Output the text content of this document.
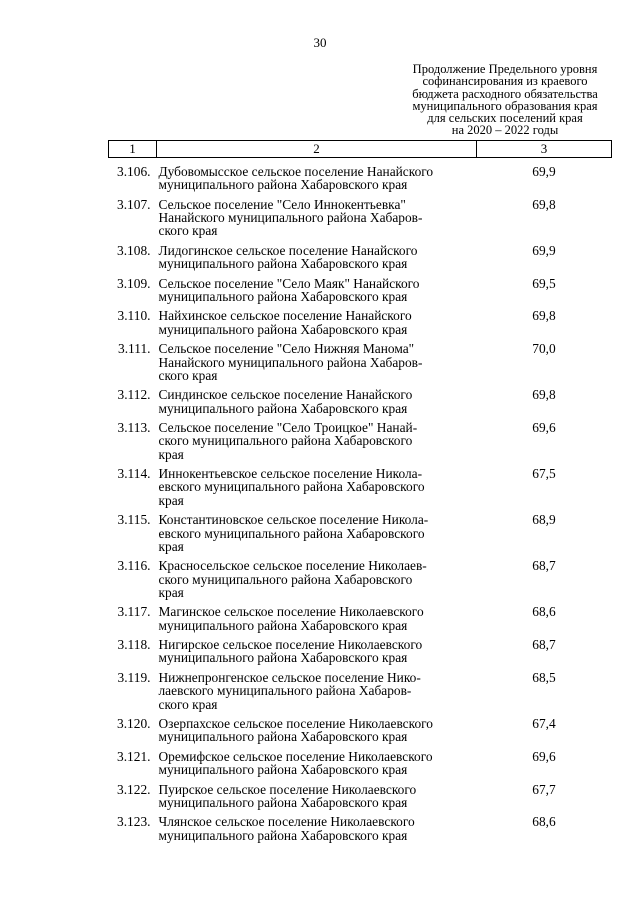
30
Продолжение Предельного уровня
софинансирования из краевого
бюджета расходного обязательства
муниципального образования края
для сельских поселений края
на 2020 – 2022 годы
1	2	3
3.106.	Дубовомысское сельское поселение Нанайского
муниципального района Хабаровского края	69,9
3.107.	Сельское поселение "Село Иннокентьевка"
Нанайского муниципального района Хабаров-
ского края	69,8
3.108.	Лидогинское сельское поселение Нанайского
муниципального района Хабаровского края	69,9
3.109.	Сельское поселение "Село Маяк" Нанайского
муниципального района Хабаровского края	69,5
3.110.	Найхинское сельское поселение Нанайского
муниципального района Хабаровского края	69,8
3.111.	Сельское поселение "Село Нижняя Манома"
Нанайского муниципального района Хабаров-
ского края	70,0
3.112.	Синдинское сельское поселение Нанайского
муниципального района Хабаровского края	69,8
3.113.	Сельское поселение "Село Троицкое" Нанай-
ского муниципального района Хабаровского
края	69,6
3.114.	Иннокентьевское сельское поселение Никола-
евского муниципального района Хабаровского
края	67,5
3.115.	Константиновское сельское поселение Никола-
евского муниципального района Хабаровского
края	68,9
3.116.	Красносельское сельское поселение Николаев-
ского муниципального района Хабаровского
края	68,7
3.117.	Магинское сельское поселение Николаевского
муниципального района Хабаровского края	68,6
3.118.	Нигирское сельское поселение Николаевского
муниципального района Хабаровского края	68,7
3.119.	Нижнепронгенское сельское поселение Нико-
лаевского муниципального района Хабаров-
ского края	68,5
3.120.	Озерпахское сельское поселение Николаевского
муниципального района Хабаровского края	67,4
3.121.	Оремифское сельское поселение Николаевского
муниципального района Хабаровского края	69,6
3.122.	Пуирское сельское поселение Николаевского
муниципального района Хабаровского края	67,7
3.123.	Члянское сельское поселение Николаевского
муниципального района Хабаровского края	68,6
